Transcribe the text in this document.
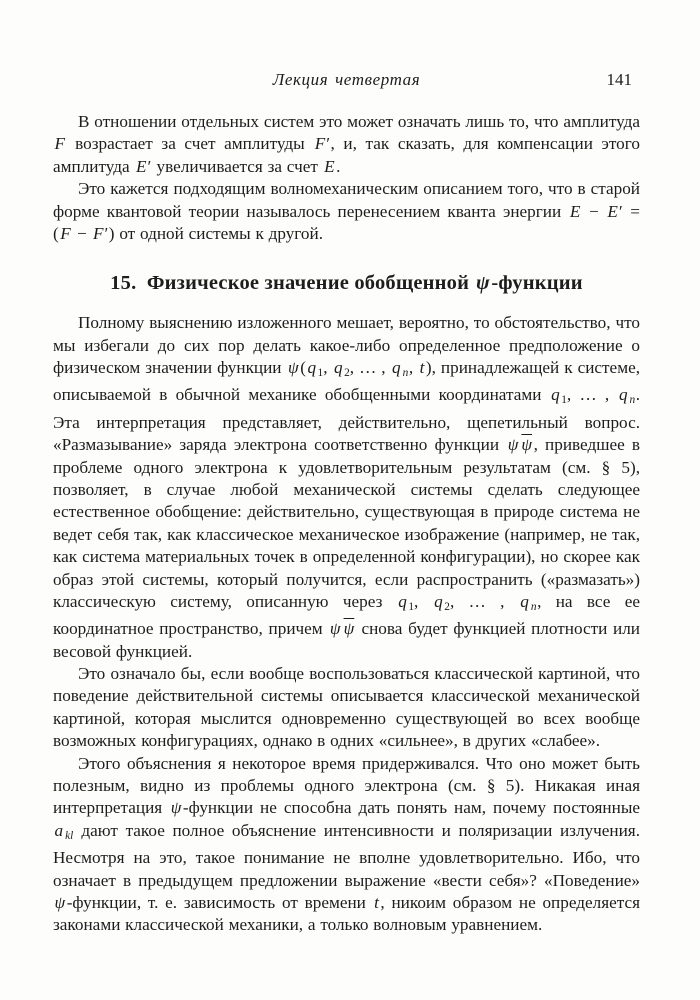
Лекция четвертая	141

В отношении отдельных систем это может означать лишь то, что амплитуда F возрастает за счет амплитуды F′, и, так сказать, для компенсации этого амплитуда E′ увеличивается за счет E.

Это кажется подходящим волномеханическим описанием того, что в старой форме квантовой теории называлось перенесением кванта энергии E − E′ = (F − F′) от одной системы к другой.

15. Физическое значение обобщенной ψ-функции

Полному выяснению изложенного мешает, вероятно, то обстоятельство, что мы избегали до сих пор делать какое-либо определенное предположение о физическом значении функции ψ(q $_1$, q $_2$, … , q $_n$, t), принадлежащей к системе, описываемой в обычной механике обобщенными координатами q $_1$, … , q $_n$. Эта интерпретация представляет, действительно, щепетильный вопрос. «Размазывание» заряда электрона соответственно функции ψ $\overline{\psi}$, приведшее в проблеме одного электрона к удовлетворительным результатам (см. § 5), позволяет, в случае любой механической системы сделать следующее естественное обобщение: действительно, существующая в природе система не ведет себя так, как классическое механическое изображение (например, не так, как система материальных точек в определенной конфигурации), но скорее как образ этой системы, который получится, если распространить («размазать») классическую систему, описанную через q $_1$, q $_2$, … , q $_n$, на все ее координатное пространство, причем ψ $\overline{\psi}$ снова будет функцией плотности или весовой функцией.

Это означало бы, если вообще воспользоваться классической картиной, что поведение действительной системы описывается классической механической картиной, которая мыслится одновременно существующей во всех вообще возможных конфигурациях, однако в одних «сильнее», в других «слабее».

Этого объяснения я некоторое время придерживался. Что оно может быть полезным, видно из проблемы одного электрона (см. § 5). Никакая иная интерпретация ψ-функции не способна дать понять нам, почему постоянные a $_{kl}$ дают такое полное объяснение интенсивности и поляризации излучения. Несмотря на это, такое понимание не вполне удовлетворительно. Ибо, что означает в предыдущем предложении выражение «вести себя»? «Поведение» ψ-функции, т. е. зависимость от времени t, никоим образом не определяется законами классической механики, а только волновым уравнением.
